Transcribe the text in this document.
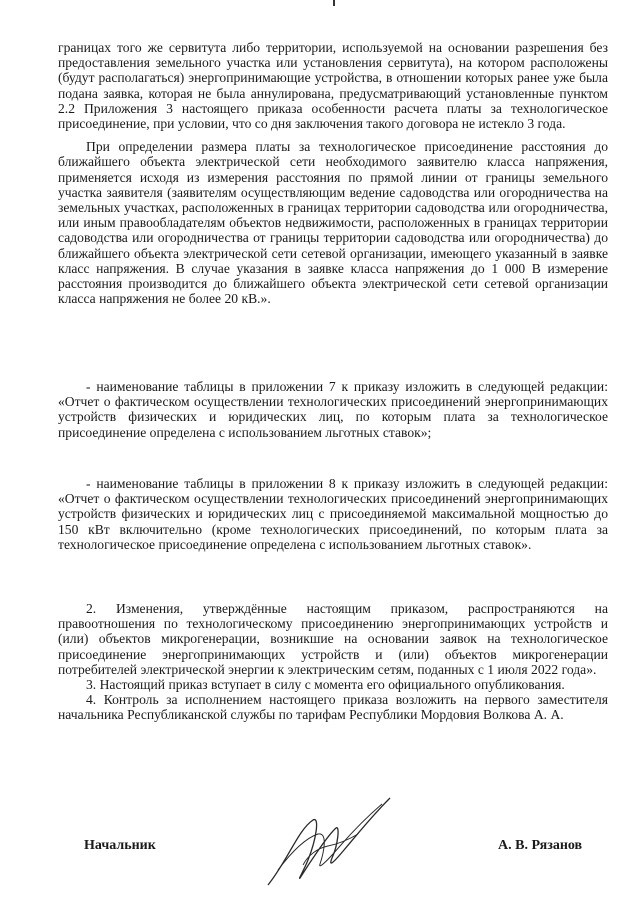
границах того же сервитута либо территории, используемой на основании разрешения без предоставления земельного участка или установления сервитута), на котором расположены (будут располагаться) энергопринимающие устройства, в отношении которых ранее уже была подана заявка, которая не была аннулирована, предусматривающий установленные пунктом 2.2 Приложения 3 настоящего приказа особенности расчета платы за технологическое присоединение, при условии, что со дня заключения такого договора не истекло 3 года.

При определении размера платы за технологическое присоединение расстояния до ближайшего объекта электрической сети необходимого заявителю класса напряжения, применяется исходя из измерения расстояния по прямой линии от границы земельного участка заявителя (заявителям осуществляющим ведение садоводства или огородничества на земельных участках, расположенных в границах территории садоводства или огородничества, или иным правообладателям объектов недвижимости, расположенных в границах территории садоводства или огородничества от границы территории садоводства или огородничества) до ближайшего объекта электрической сети сетевой организации, имеющего указанный в заявке класс напряжения. В случае указания в заявке класса напряжения до 1 000 В измерение расстояния производится до ближайшего объекта электрической сети сетевой организации класса напряжения не более 20 кВ.».

- наименование таблицы в приложении 7 к приказу изложить в следующей редакции: «Отчет о фактическом осуществлении технологических присоединений энергопринимающих устройств физических и юридических лиц, по которым плата за технологическое присоединение определена с использованием льготных ставок»;

- наименование таблицы в приложении 8 к приказу изложить в следующей редакции: «Отчет о фактическом осуществлении технологических присоединений энергопринимающих устройств физических и юридических лиц с присоединяемой максимальной мощностью до 150 кВт включительно (кроме технологических присоединений, по которым плата за технологическое присоединение определена с использованием льготных ставок».

2. Изменения, утверждённые настоящим приказом, распространяются на правоотношения по технологическому присоединению энергопринимающих устройств и (или) объектов микрогенерации, возникшие на основании заявок на технологическое присоединение энергопринимающих устройств и (или) объектов микрогенерации потребителей электрической энергии к электрическим сетям, поданных с 1 июля 2022 года».

3. Настоящий приказ вступает в силу с момента его официального опубликования.

4. Контроль за исполнением настоящего приказа возложить на первого заместителя начальника Республиканской службы по тарифам Республики Мордовия Волкова А. А.

Начальник	А. В. Рязанов
